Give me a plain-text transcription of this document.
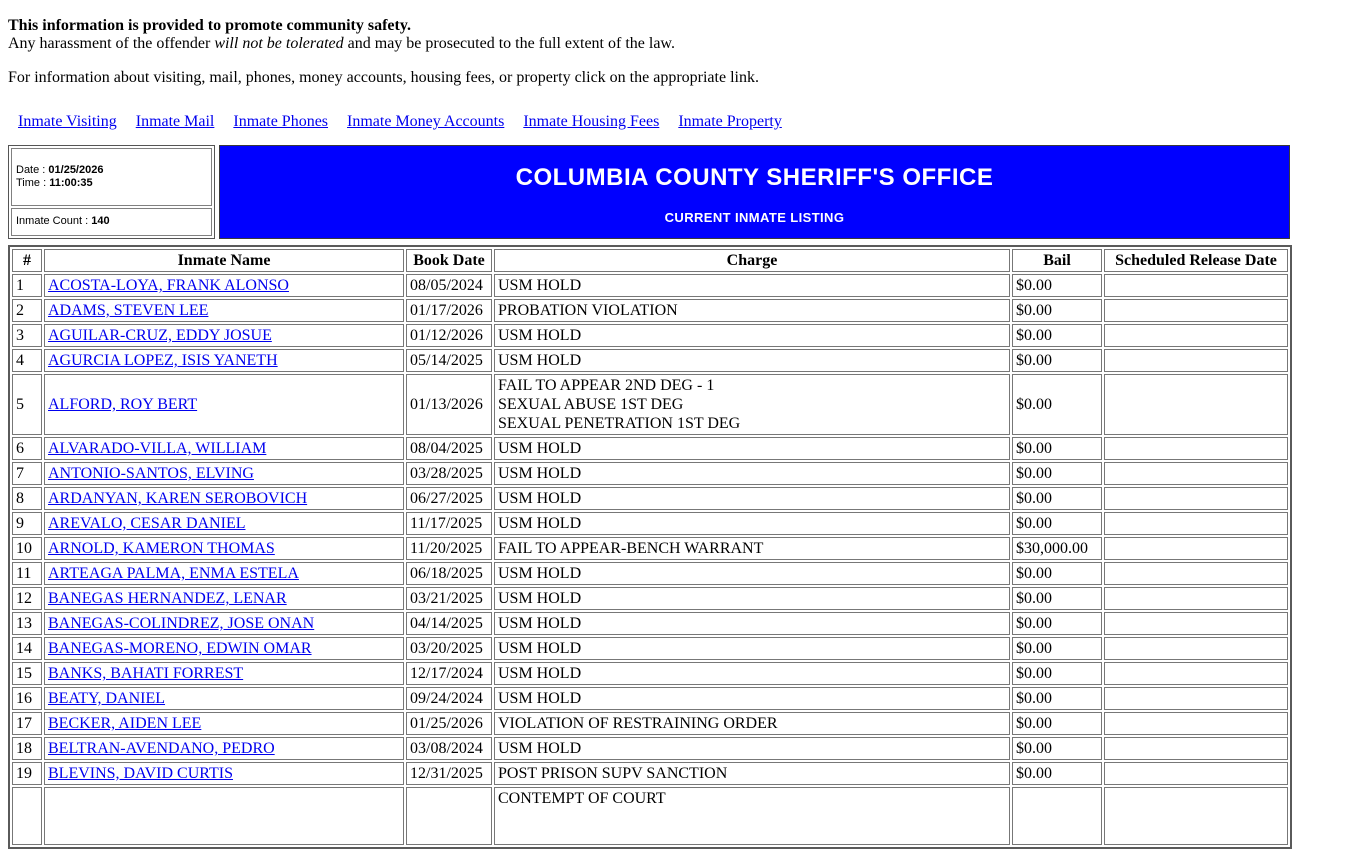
This information is provided to promote community safety.
Any harassment of the offender will not be tolerated and may be prosecuted to the full extent of the law.
For information about visiting, mail, phones, money accounts, housing fees, or property click on the appropriate link.
Inmate Visiting Inmate Mail Inmate Phones Inmate Money Accounts Inmate Housing Fees Inmate Property
Date : 01/25/2026
Time : 11:00:35

Inmate Count : 140
COLUMBIA COUNTY SHERIFF'S OFFICE
CURRENT INMATE LISTING
#	Inmate Name	Book Date	Charge	Bail	Scheduled Release Date
1	ACOSTA-LOYA, FRANK ALONSO	08/05/2024	USM HOLD	$0.00	
2	ADAMS, STEVEN LEE	01/17/2026	PROBATION VIOLATION	$0.00	
3	AGUILAR-CRUZ, EDDY JOSUE	01/12/2026	USM HOLD	$0.00	
4	AGURCIA LOPEZ, ISIS YANETH	05/14/2025	USM HOLD	$0.00	
5	ALFORD, ROY BERT	01/13/2026	FAIL TO APPEAR 2ND DEG - 1
SEXUAL ABUSE 1ST DEG
SEXUAL PENETRATION 1ST DEG	$0.00	
6	ALVARADO-VILLA, WILLIAM	08/04/2025	USM HOLD	$0.00	
7	ANTONIO-SANTOS, ELVING	03/28/2025	USM HOLD	$0.00	
8	ARDANYAN, KAREN SEROBOVICH	06/27/2025	USM HOLD	$0.00	
9	AREVALO, CESAR DANIEL	11/17/2025	USM HOLD	$0.00	
10	ARNOLD, KAMERON THOMAS	11/20/2025	FAIL TO APPEAR-BENCH WARRANT	$30,000.00	
11	ARTEAGA PALMA, ENMA ESTELA	06/18/2025	USM HOLD	$0.00	
12	BANEGAS HERNANDEZ, LENAR	03/21/2025	USM HOLD	$0.00	
13	BANEGAS-COLINDREZ, JOSE ONAN	04/14/2025	USM HOLD	$0.00	
14	BANEGAS-MORENO, EDWIN OMAR	03/20/2025	USM HOLD	$0.00	
15	BANKS, BAHATI FORREST	12/17/2024	USM HOLD	$0.00	
16	BEATY, DANIEL	09/24/2024	USM HOLD	$0.00	
17	BECKER, AIDEN LEE	01/25/2026	VIOLATION OF RESTRAINING ORDER	$0.00	
18	BELTRAN-AVENDANO, PEDRO	03/08/2024	USM HOLD	$0.00	
19	BLEVINS, DAVID CURTIS	12/31/2025	POST PRISON SUPV SANCTION	$0.00	

			CONTEMPT OF COURT		
